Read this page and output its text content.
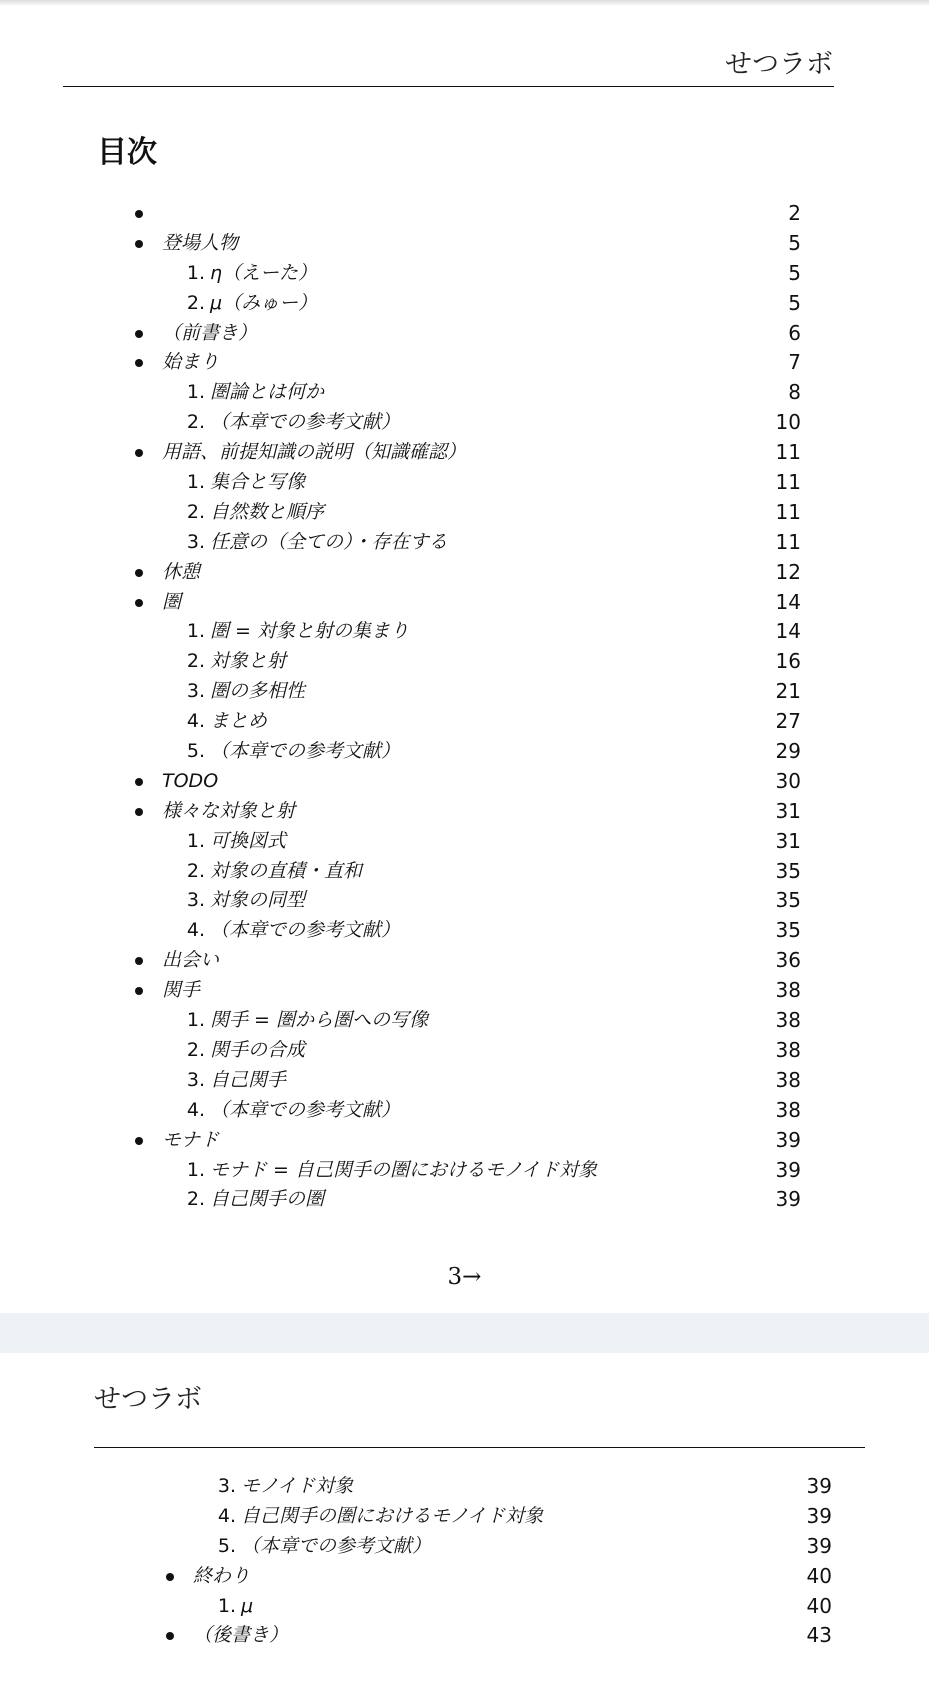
せつラボ
目次
2
登場人物	5
1. η（えーた）	5
2. μ（みゅー）	5
（前書き）	6
始まり	7
1. 圏論とは何か	8
2. （本章での参考文献）	10
用語、前提知識の説明（知識確認）	11
1. 集合と写像	11
2. 自然数と順序	11
3. 任意の（全ての）・存在する	11
休憩	12
圏	14
1. 圏 = 対象と射の集まり	14
2. 対象と射	16
3. 圏の多相性	21
4. まとめ	27
5. （本章での参考文献）	29
TODO	30
様々な対象と射	31
1. 可換図式	31
2. 対象の直積・直和	35
3. 対象の同型	35
4. （本章での参考文献）	35
出会い	36
関手	38
1. 関手 = 圏から圏への写像	38
2. 関手の合成	38
3. 自己関手	38
4. （本章での参考文献）	38
モナド	39
1. モナド = 自己関手の圏におけるモノイド対象	39
2. 自己関手の圏	39
3→
せつラボ
3. モノイド対象	39
4. 自己関手の圏におけるモノイド対象	39
5. （本章での参考文献）	39
終わり	40
1. μ	40
（後書き）	43
